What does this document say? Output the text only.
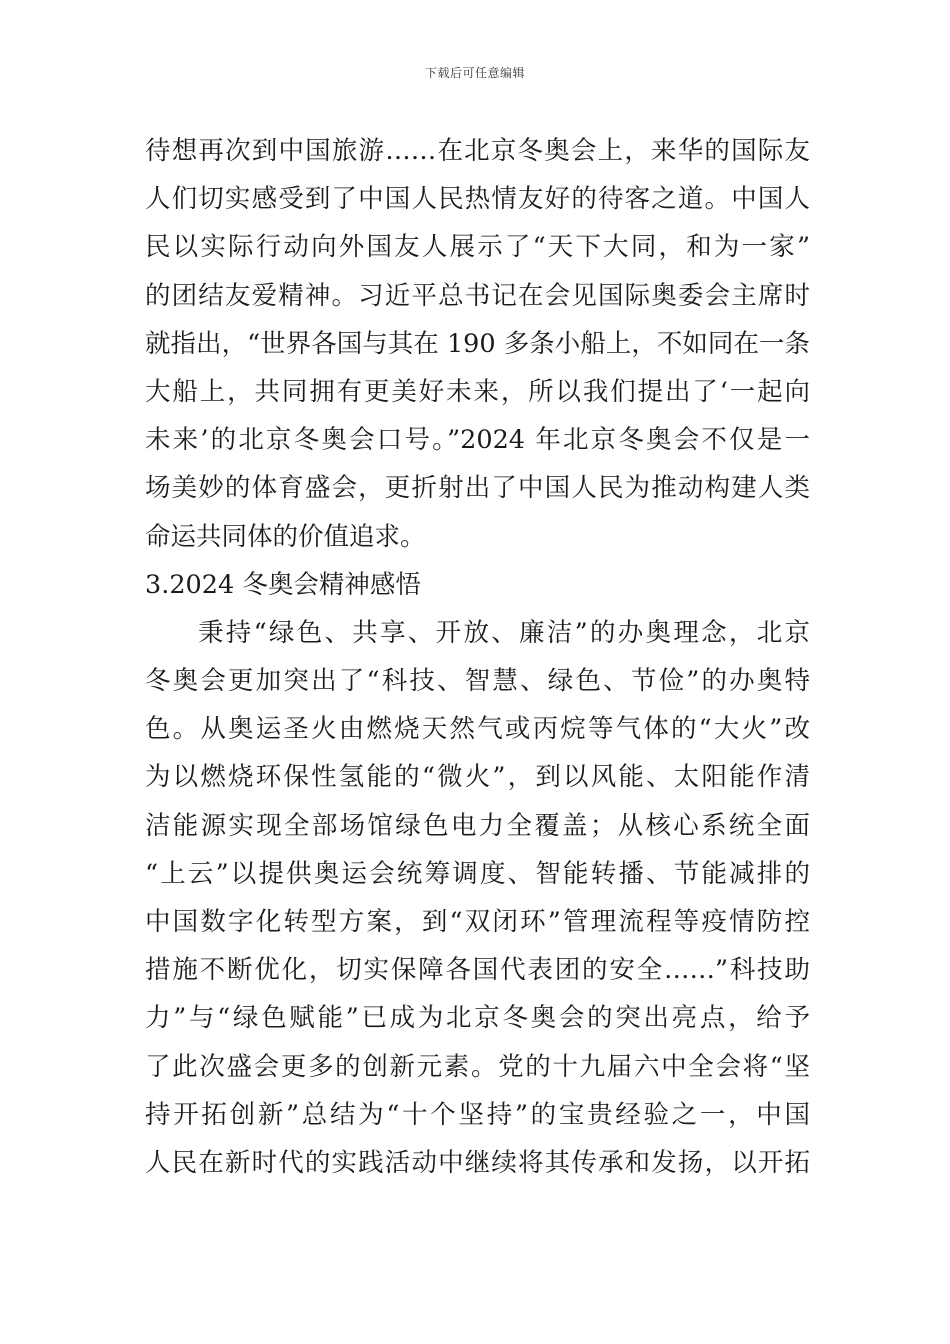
下载后可任意编辑
待想再次到中国旅游……在北京冬奥会上，来华的国际友
人们切实感受到了中国人民热情友好的待客之道。中国人
民以实际行动向外国友人展示了“天下大同，和为一家”
的团结友爱精神。习近平总书记在会见国际奥委会主席时
就指出，“世界各国与其在 190 多条小船上，不如同在一条
大船上，共同拥有更美好未来，所以我们提出了‘一起向
未来’的北京冬奥会口号。”2024 年北京冬奥会不仅是一
场美妙的体育盛会，更折射出了中国人民为推动构建人类
命运共同体的价值追求。
3.2024 冬奥会精神感悟
秉持“绿色、共享、开放、廉洁”的办奥理念，北京
冬奥会更加突出了“科技、智慧、绿色、节俭”的办奥特
色。从奥运圣火由燃烧天然气或丙烷等气体的“大火”改
为以燃烧环保性氢能的“微火”，到以风能、太阳能作清
洁能源实现全部场馆绿色电力全覆盖；从核心系统全面
“上云”以提供奥运会统筹调度、智能转播、节能减排的
中国数字化转型方案，到“双闭环”管理流程等疫情防控
措施不断优化，切实保障各国代表团的安全……”科技助
力”与“绿色赋能”已成为北京冬奥会的突出亮点，给予
了此次盛会更多的创新元素。党的十九届六中全会将“坚
持开拓创新”总结为“十个坚持”的宝贵经验之一，中国
人民在新时代的实践活动中继续将其传承和发扬，以开拓
